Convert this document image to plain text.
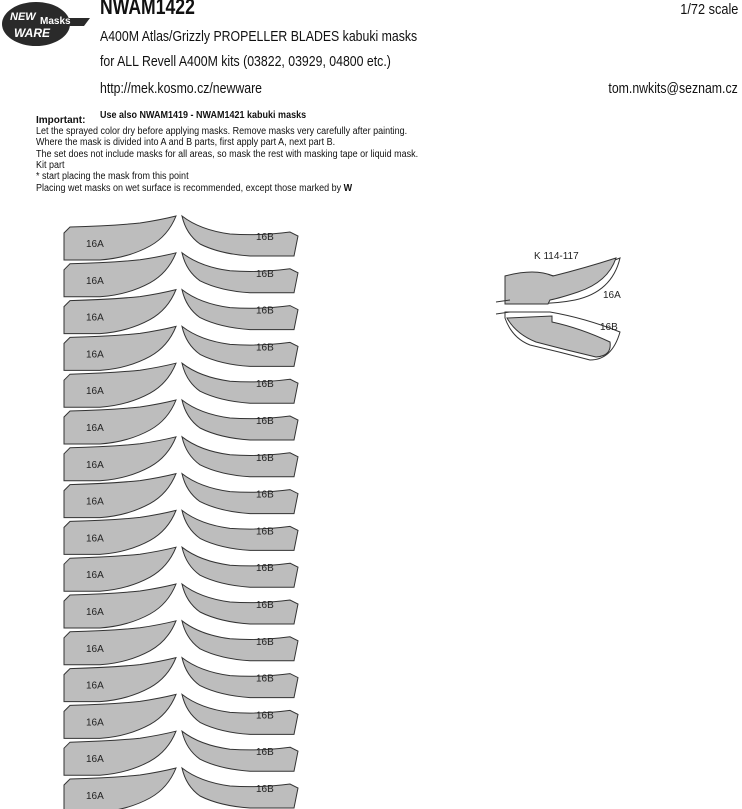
NEW Masks
WARE
NWAM1422	1/72 scale
A400M Atlas/Grizzly PROPELLER BLADES kabuki masks
for ALL Revell A400M kits (03822, 03929, 04800 etc.)
http://mek.kosmo.cz/newware	tom.nwkits@seznam.cz
Important: Use also NWAM1419 - NWAM1421 kabuki masks
Let the sprayed color dry before applying masks. Remove masks very carefully after painting.
Where the mask is divided into A and B parts, first apply part A, next part B.
The set does not include masks for all areas, so mask the rest with masking tape or liquid mask.
Kit part
* start placing the mask from this point
Placing wet masks on wet surface is recommended, except those marked by W
16A
16B
16A
16B
16A
16B
16A
16B
16A
16B
16A
16B
16A
16B
16A
16B
16A
16B
16A
16B
16A
16B
16A
16B
16A
16B
16A
16B
16A
16B
16A
16B
K 114-117
16A
16B
